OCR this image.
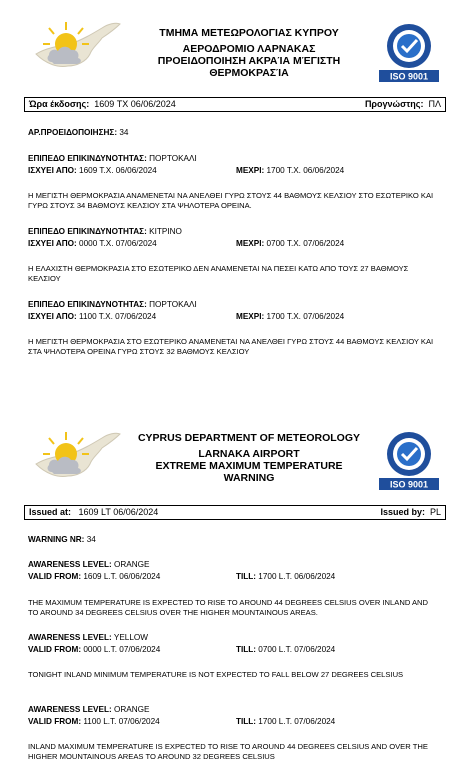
ΤΜΗΜΑ ΜΕΤΕΩΡΟΛΟΓΙΑΣ ΚΥΠΡΟΥ
ΑΕΡΟΔΡΟΜΙΟ ΛΑΡΝΑΚΑΣ
ΠΡΟΕΙΔΟΠΟΙΗΣΗ ΑΚΡΑΊΑ ΜΈΓΙΣΤΗ
ΘΕΡΜΟΚΡΑΣΊΑ	ISO 9001
Ώρα έκδοσης: 1609 TX 06/06/2024	Προγνώστης: ΠΛ
ΑΡ.ΠΡΟΕΙΔΟΠΟΙΗΣΗΣ: 34
ΕΠΙΠΕΔΟ ΕΠΙΚΙΝΔΥΝΟΤΗΤΑΣ: ΠΟΡΤΟΚΑΛΙ
ΙΣΧΥΕΙ ΑΠΟ: 1609 Τ.Χ. 06/06/2024	ΜΕΧΡΙ: 1700 Τ.Χ. 06/06/2024
Η ΜΕΓΙΣΤΗ ΘΕΡΜΟΚΡΑΣΙΑ ΑΝΑΜΕΝΕΤΑΙ ΝΑ ΑΝΕΛΘΕΙ ΓΥΡΩ ΣΤΟΥΣ 44 ΒΑΘΜΟΥΣ ΚΕΛΣΙΟΥ ΣΤΟ ΕΣΩΤΕΡΙΚΟ ΚΑΙ ΓΥΡΩ ΣΤΟΥΣ 34 ΒΑΘΜΟΥΣ ΚΕΛΣΙΟΥ ΣΤΑ ΨΗΛΟΤΕΡΑ ΟΡΕΙΝΑ.
ΕΠΙΠΕΔΟ ΕΠΙΚΙΝΔΥΝΟΤΗΤΑΣ: ΚΙΤΡΙΝΟ
ΙΣΧΥΕΙ ΑΠΟ: 0000 Τ.Χ. 07/06/2024	ΜΕΧΡΙ: 0700 Τ.Χ. 07/06/2024
Η ΕΛΑΧΙΣΤΗ ΘΕΡΜΟΚΡΑΣΙΑ ΣΤΟ ΕΣΩΤΕΡΙΚΟ ΔΕΝ ΑΝΑΜΕΝΕΤΑΙ ΝΑ ΠΕΣΕΙ ΚΑΤΩ ΑΠΟ ΤΟΥΣ 27 ΒΑΘΜΟΥΣ ΚΕΛΣΙΟΥ
ΕΠΙΠΕΔΟ ΕΠΙΚΙΝΔΥΝΟΤΗΤΑΣ: ΠΟΡΤΟΚΑΛΙ
ΙΣΧΥΕΙ ΑΠΟ: 1100 Τ.Χ. 07/06/2024	ΜΕΧΡΙ: 1700 Τ.Χ. 07/06/2024
Η ΜΕΓΙΣΤΗ ΘΕΡΜΟΚΡΑΣΙΑ ΣΤΟ ΕΣΩΤΕΡΙΚΟ ΑΝΑΜΕΝΕΤΑΙ ΝΑ ΑΝΕΛΘΕΙ ΓΥΡΩ ΣΤΟΥΣ 44 ΒΑΘΜΟΥΣ ΚΕΛΣΙΟΥ ΚΑΙ ΣΤΑ ΨΗΛΟΤΕΡΑ ΟΡΕΙΝΑ ΓΥΡΩ ΣΤΟΥΣ 32 ΒΑΘΜΟΥΣ ΚΕΛΣΙΟΥ
CYPRUS DEPARTMENT OF METEOROLOGY
LARNAKA AIRPORT
EXTREME MAXIMUM TEMPERATURE
WARNING
ISO 9001
Issued at: 1609 LT 06/06/2024	Issued by: PL
WARNING NR: 34
AWARENESS LEVEL: ORANGE
VALID FROM: 1609 L.T. 06/06/2024	TILL: 1700 L.T. 06/06/2024
THE MAXIMUM TEMPERATURE IS EXPECTED TO RISE TO AROUND 44 DEGREES CELSIUS OVER INLAND AND TO AROUND 34 DEGREES CELSIUS OVER THE HIGHER MOUNTAINOUS AREAS.
AWARENESS LEVEL: YELLOW
VALID FROM: 0000 L.T. 07/06/2024	TILL: 0700 L.T. 07/06/2024
TONIGHT INLAND MINIMUM TEMPERATURE IS NOT EXPECTED TO FALL BELOW 27 DEGREES CELSIUS
AWARENESS LEVEL: ORANGE
VALID FROM: 1100 L.T. 07/06/2024	TILL: 1700 L.T. 07/06/2024
INLAND MAXIMUM TEMPERATURE IS EXPECTED TO RISE TO AROUND 44 DEGREES CELSIUS AND OVER THE HIGHER MOUNTAINOUS AREAS TO AROUND 32 DEGREES CELSIUS
